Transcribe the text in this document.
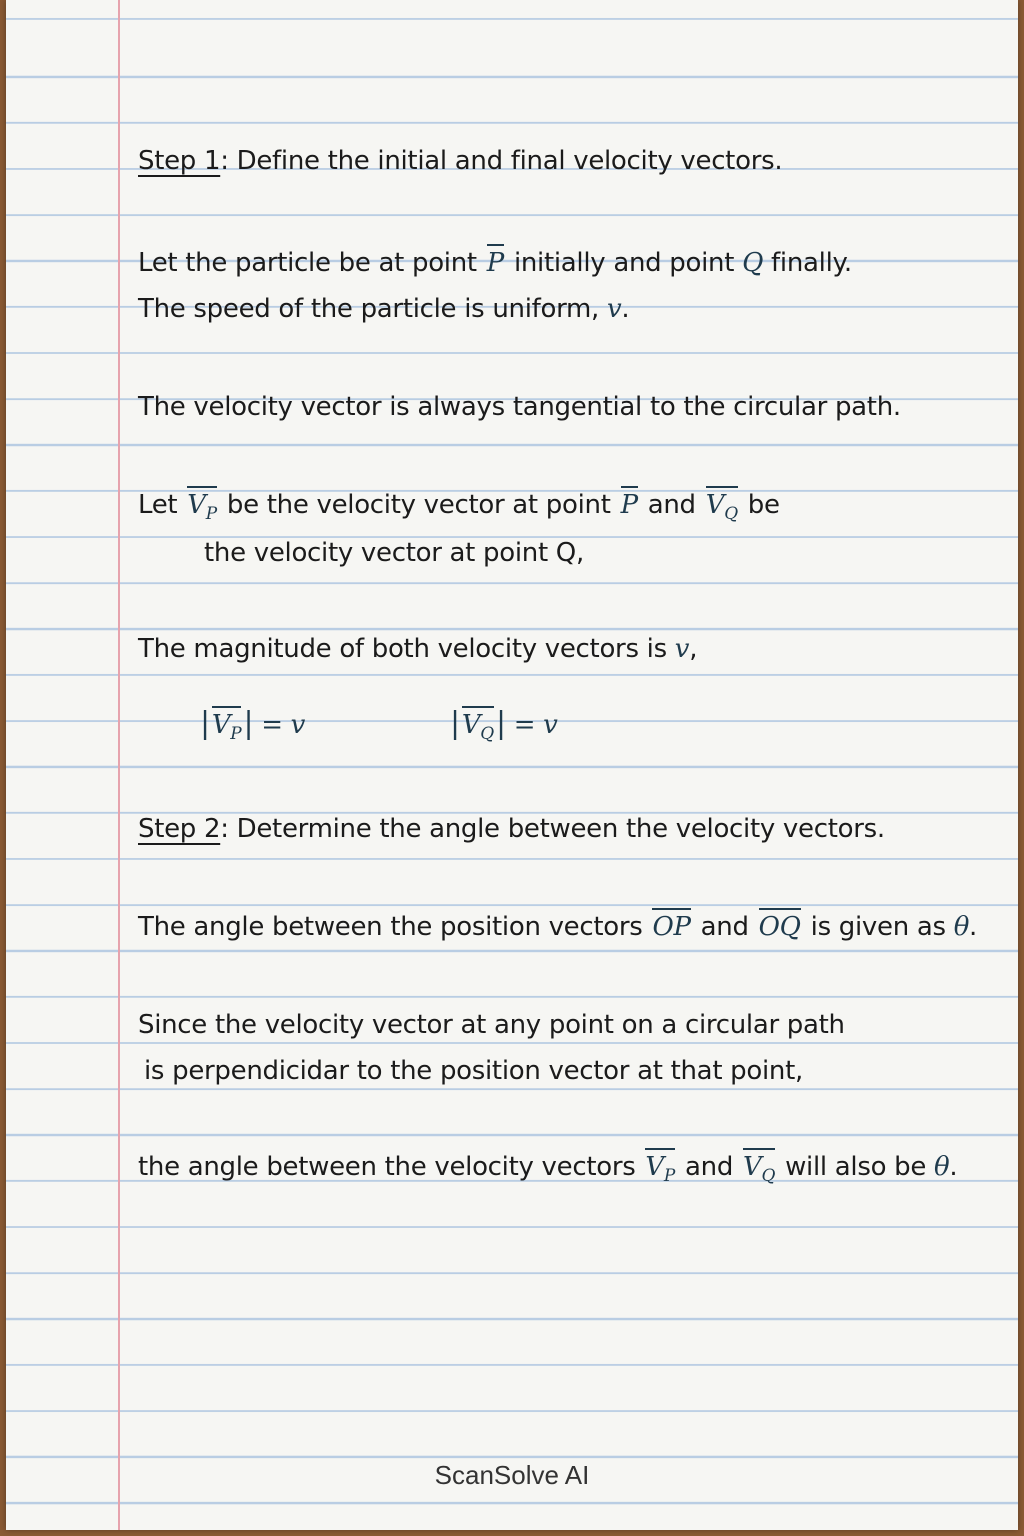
Step 1: Define the initial and final velocity vectors.
Let the particle be at point P initially and point Q finally.
The speed of the particle is uniform, v.
The velocity vector is always tangential to the circular path.
Let $V_P$ be the velocity vector at point P and $V_Q$ be
the velocity vector at point Q,
The magnitude of both velocity vectors is v,
$|V_P| = v$	$|V_Q| = v$
Step 2: Determine the angle between the velocity vectors.
The angle between the position vectors OP and OQ is given as θ.
Since the velocity vector at any point on a circular path
is perpendicidar to the position vector at that point,
the angle between the velocity vectors $V_P$ and $V_Q$ will also be θ.
ScanSolve AI
